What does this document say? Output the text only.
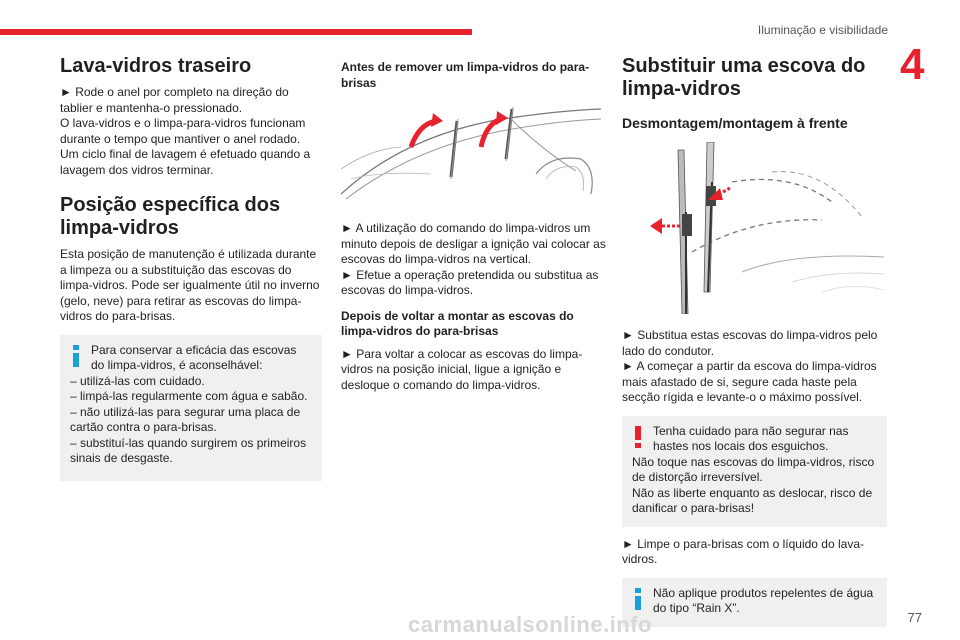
Iluminação e visibilidade
4
Lava-vidros traseiro

► Rode o anel por completo na direção do tablier e mantenha-o pressionado.

O lava-vidros e o limpa-para-vidros funcionam durante o tempo que mantiver o anel rodado.

Um ciclo final de lavagem é efetuado quando a lavagem dos vidros terminar.

Posição específica dos limpa-vidros

Esta posição de manutenção é utilizada durante a limpeza ou a substituição das escovas do limpa-vidros. Pode ser igualmente útil no inverno (gelo, neve) para retirar as escovas do limpa-vidros do para-brisas.

Para conservar a eficácia das escovas do limpa-vidros, é aconselhável:

– utilizá-las com cuidado.

– limpá-las regularmente com água e sabão.

– não utilizá-las para segurar uma placa de cartão contra o para-brisas.

– substituí-las quando surgirem os primeiros sinais de desgaste.

Antes de remover um limpa-vidros do para-brisas

► A utilização do comando do limpa-vidros um minuto depois de desligar a ignição vai colocar as escovas do limpa-vidros na vertical.

► Efetue a operação pretendida ou substitua as escovas do limpa-vidros.

Depois de voltar a montar as escovas do limpa-vidros do para-brisas

► Para voltar a colocar as escovas do limpa-vidros na posição inicial, ligue a ignição e desloque o comando do limpa-vidros.

Substituir uma escova do limpa-vidros
Desmontagem/montagem à frente

► Substitua estas escovas do limpa-vidros pelo lado do condutor.

► A começar a partir da escova do limpa-vidros mais afastado de si, segure cada haste pela secção rígida e levante-o o máximo possível.

Tenha cuidado para não segurar nas hastes nos locais dos esguichos.

Não toque nas escovas do limpa-vidros, risco de distorção irreversível.

Não as liberte enquanto as deslocar, risco de danificar o para-brisas!

► Limpe o para-brisas com o líquido do lava-vidros.

Não aplique produtos repelentes de água do tipo “Rain X”.

carmanualsonline.info	77
